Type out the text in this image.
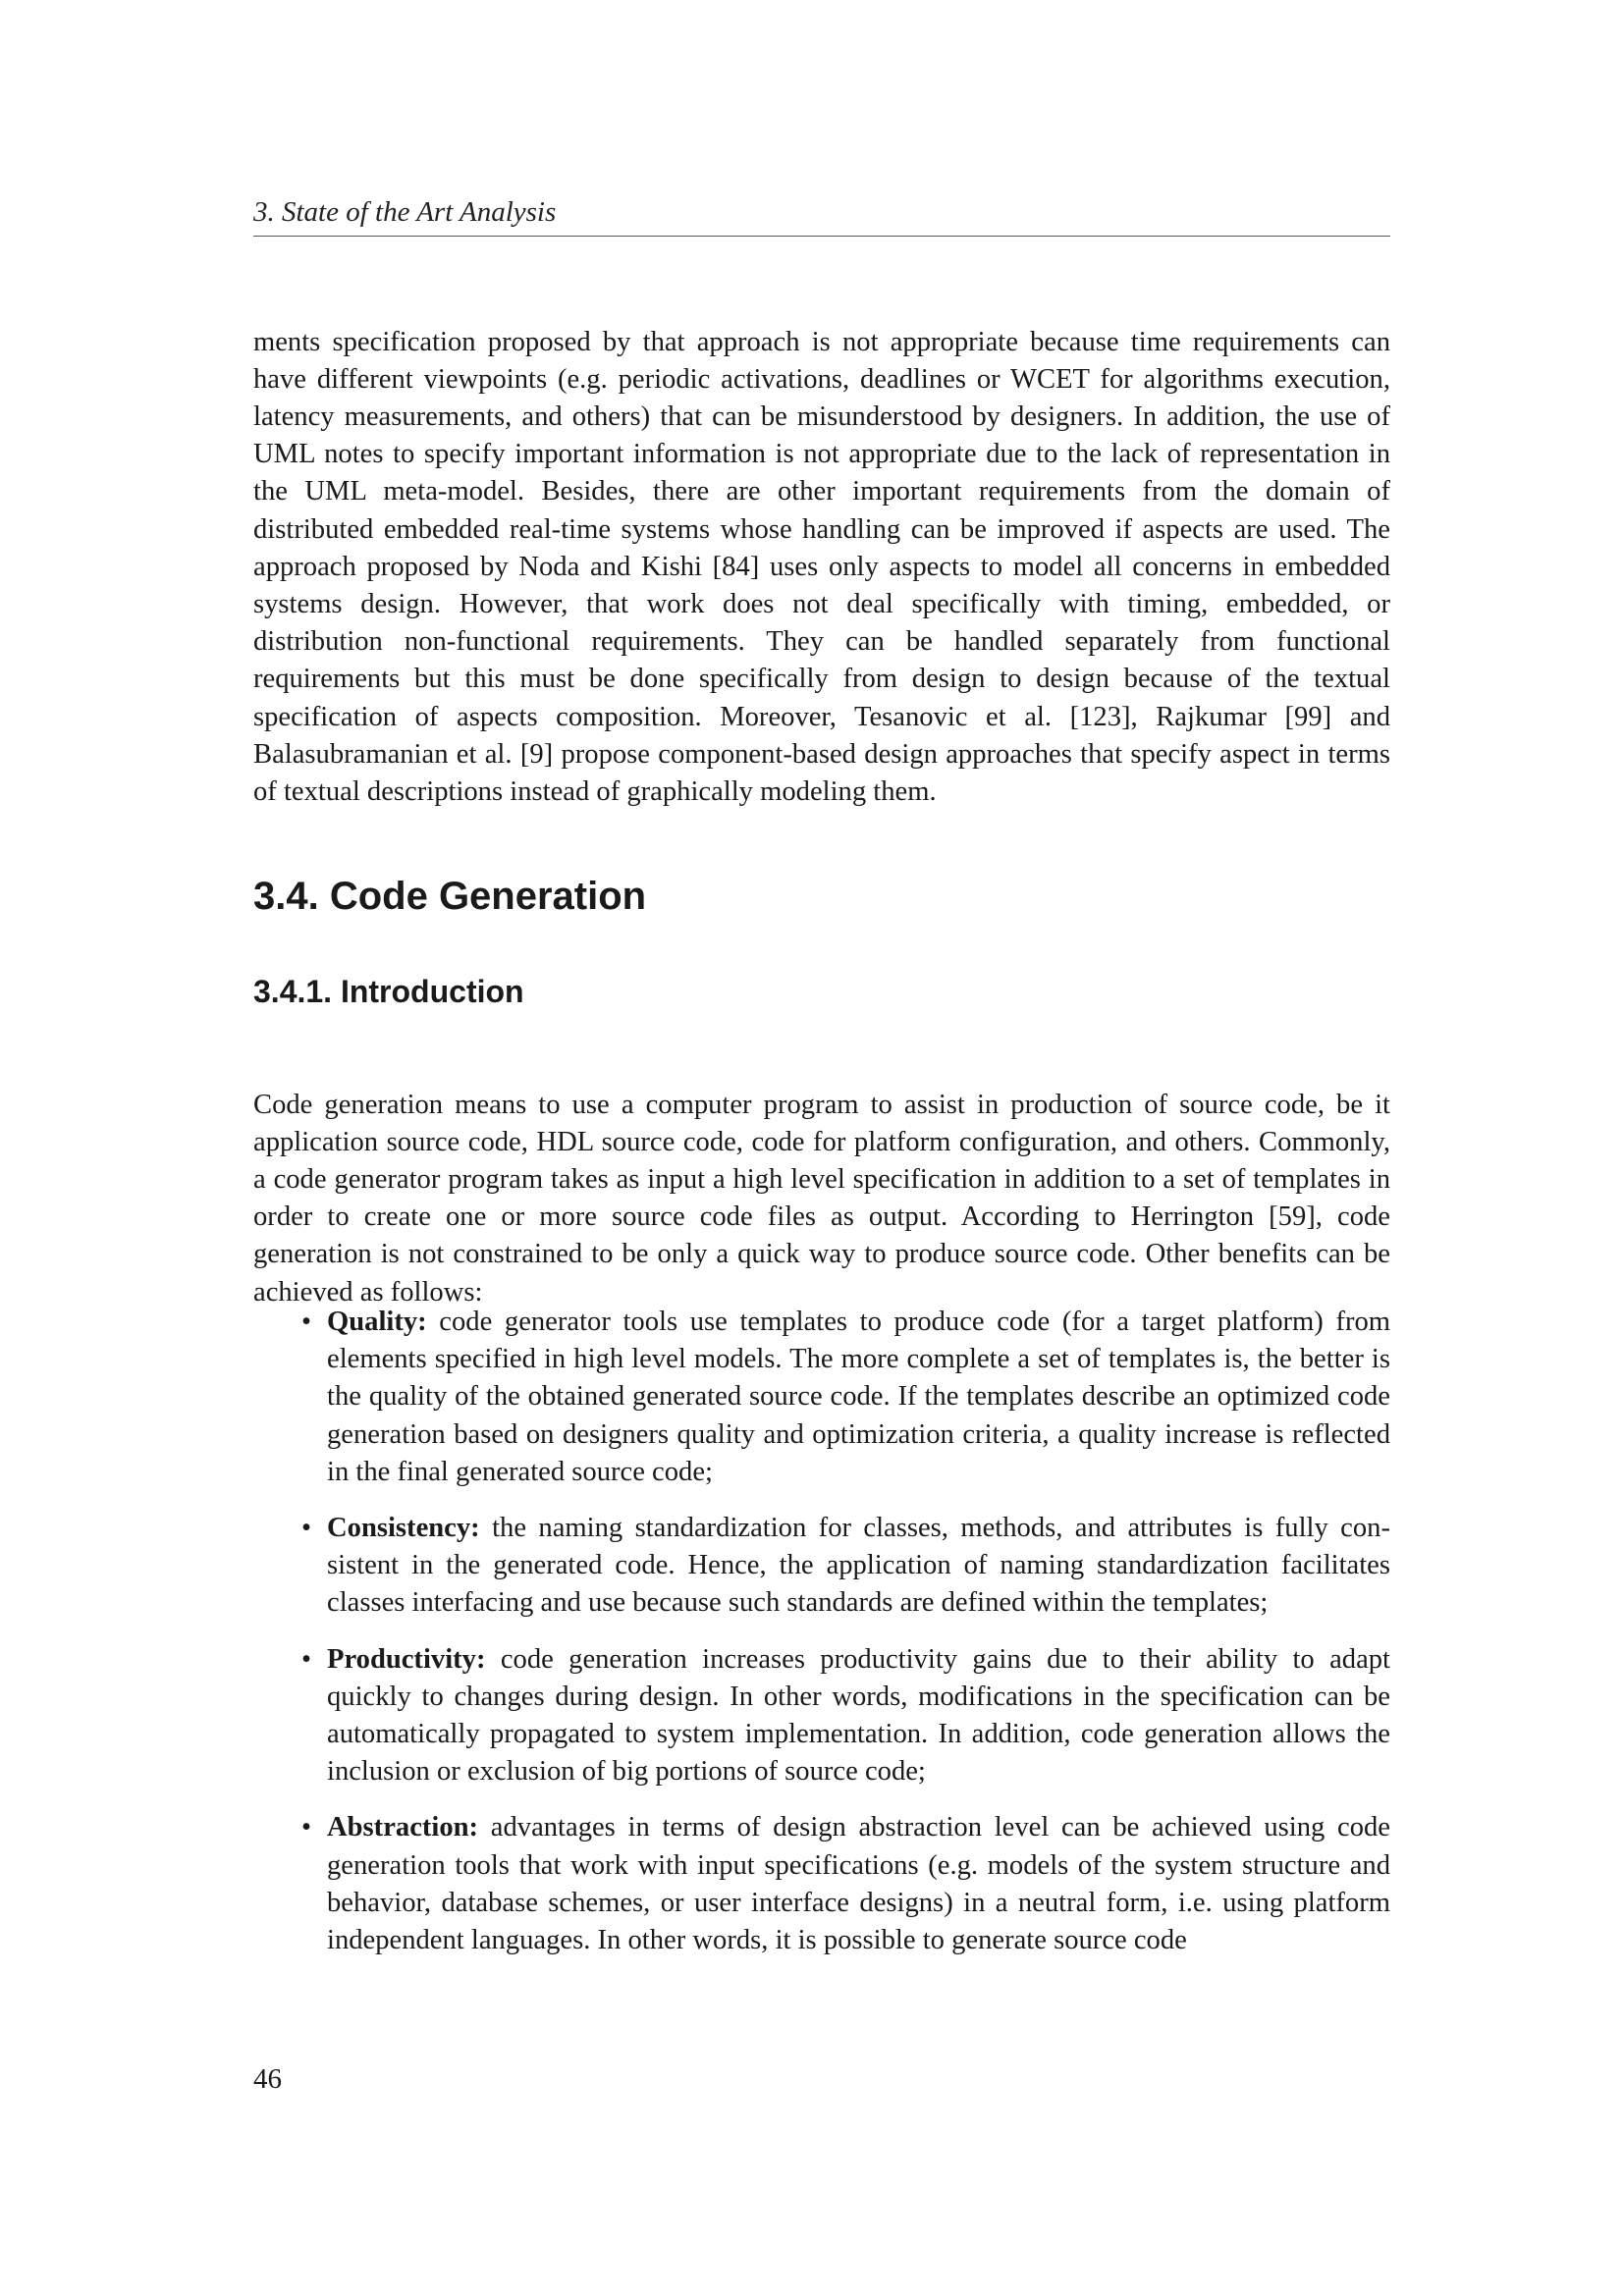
3. State of the Art Analysis

ments specification proposed by that approach is not appropriate because time requirements can have different viewpoints (e.g. periodic activations, deadlines or WCET for algorithms execution, latency measurements, and others) that can be misunderstood by designers. In addition, the use of UML notes to specify important information is not appropriate due to the lack of representation in the UML meta-model. Besides, there are other important requirements from the domain of distributed embedded real-time systems whose handling can be improved if aspects are used. The approach proposed by Noda and Kishi [84] uses only aspects to model all concerns in embedded systems design. However, that work does not deal specifically with timing, embedded, or distribution non-functional requirements. They can be handled separately from functional requirements but this must be done specifically from design to design because of the textual specification of aspects composition. Moreover, Tesanovic et al. [123], Rajkumar [99] and Balasubramanian et al. [9] propose component-based design approaches that specify aspect in terms of textual descriptions instead of graphically modeling them.

3.4. Code Generation
3.4.1. Introduction

Code generation means to use a computer program to assist in production of source code, be it application source code, HDL source code, code for platform configuration, and others. Commonly, a code generator program takes as input a high level specification in addition to a set of templates in order to create one or more source code files as output. According to Herrington [59], code generation is not constrained to be only a quick way to produce source code. Other benefits can be achieved as follows:

• Quality: code generator tools use templates to produce code (for a target platform) from elements specified in high level models. The more complete a set of templates is, the better is the quality of the obtained generated source code. If the templates describe an optimized code generation based on designers quality and optimization criteria, a quality increase is reflected in the final generated source code;
• Consistency: the naming standardization for classes, methods, and attributes is fully consistent in the generated code. Hence, the application of naming standardization facilitates classes interfacing and use because such standards are defined within the templates;
• Productivity: code generation increases productivity gains due to their ability to adapt quickly to changes during design. In other words, modifications in the specification can be automatically propagated to system implementation. In addition, code generation allows the inclusion or exclusion of big portions of source code;
• Abstraction: advantages in terms of design abstraction level can be achieved using code generation tools that work with input specifications (e.g. models of the system structure and behavior, database schemes, or user interface designs) in a neutral form, i.e. using platform independent languages. In other words, it is possible to generate source code
46
